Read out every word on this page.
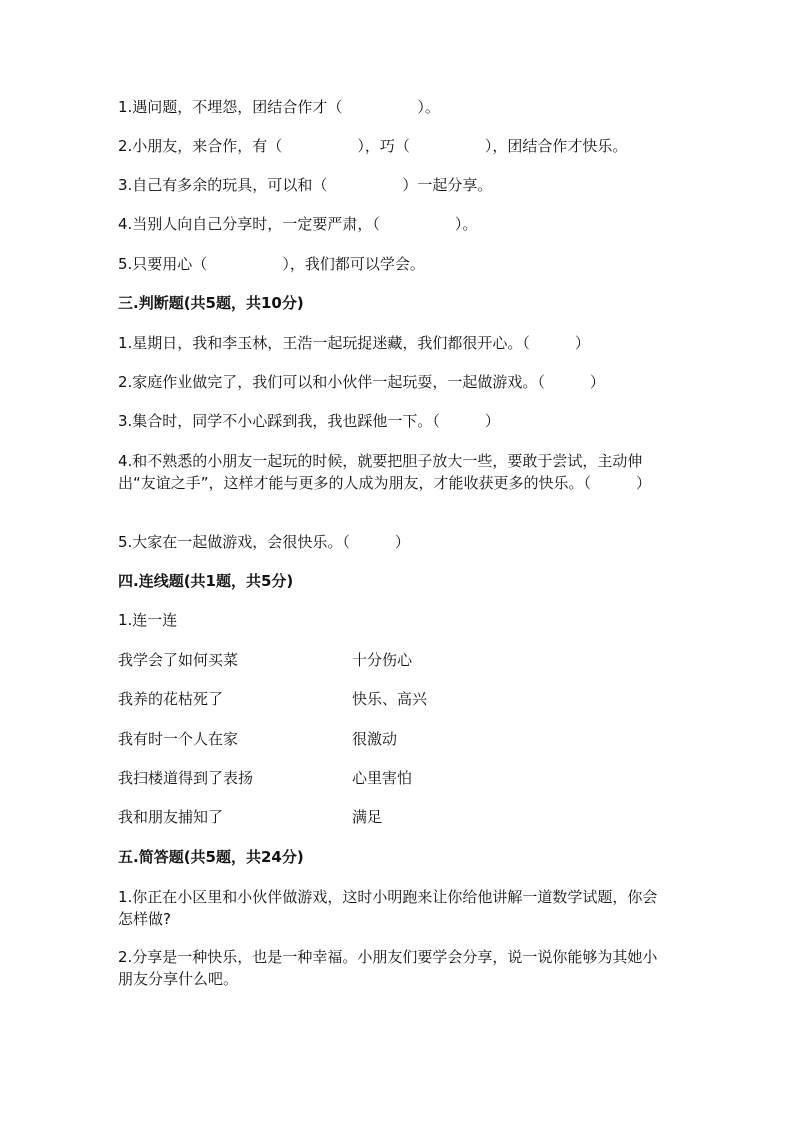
1.遇问题，不埋怨，团结合作才（　　　　　）。
2.小朋友，来合作，有（　　　　　），巧（　　　　　），团结合作才快乐。
3.自己有多余的玩具，可以和（　　　　　）一起分享。
4.当别人向自己分享时，一定要严肃，（　　　　　）。
5.只要用心（　　　　　），我们都可以学会。
三.判断题(共5题，共10分)
1.星期日，我和李玉林，王浩一起玩捉迷藏，我们都很开心。（　　　）
2.家庭作业做完了，我们可以和小伙伴一起玩耍，一起做游戏。（　　　）
3.集合时，同学不小心踩到我，我也踩他一下。（　　　）
4.和不熟悉的小朋友一起玩的时候，就要把胆子放大一些，要敢于尝试，主动伸出“友谊之手”，这样才能与更多的人成为朋友，才能收获更多的快乐。（　　　）
5.大家在一起做游戏，会很快乐。（　　　）
四.连线题(共1题，共5分)
1.连一连
我学会了如何买菜	十分伤心
我养的花枯死了	快乐、高兴
我有时一个人在家	很激动
我扫楼道得到了表扬	心里害怕
我和朋友捕知了	满足
五.简答题(共5题，共24分)
1.你正在小区里和小伙伴做游戏，这时小明跑来让你给他讲解一道数学试题，你会怎样做?
2.分享是一种快乐，也是一种幸福。小朋友们要学会分享，说一说你能够为其她小朋友分享什么吧。
